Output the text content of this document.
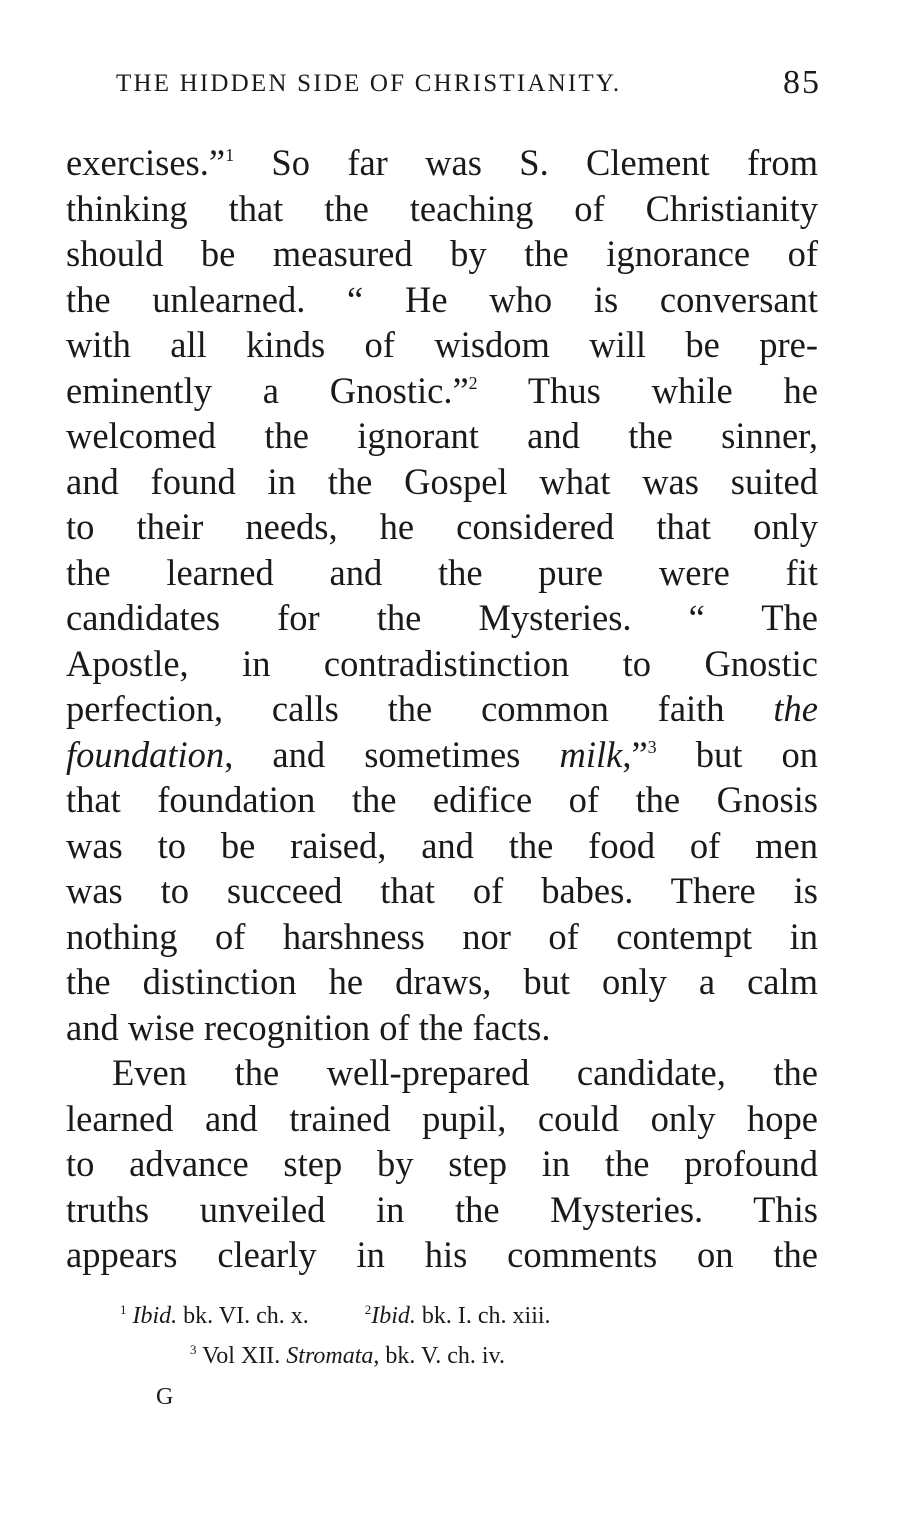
THE HIDDEN SIDE OF CHRISTIANITY.	85
exercises.”$^1$ So far was S. Clement from
thinking that the teaching of Christianity
should be measured by the ignorance of
the unlearned. “ He who is conversant
with all kinds of wisdom will be pre-
eminently a Gnostic.”$^2$ Thus while he
welcomed the ignorant and the sinner,
and found in the Gospel what was suited
to their needs, he considered that only
the learned and the pure were fit
candidates for the Mysteries. “ The
Apostle, in contradistinction to Gnostic
perfection, calls the common faith the
foundation, and sometimes milk,”$^3$ but on
that foundation the edifice of the Gnosis
was to be raised, and the food of men
was to succeed that of babes. There is
nothing of harshness nor of contempt in
the distinction he draws, but only a calm
and wise recognition of the facts.
Even the well-prepared candidate, the
learned and trained pupil, could only hope
to advance step by step in the profound
truths unveiled in the Mysteries. This
appears clearly in his comments on the
$^1$ Ibid. bk. VI. ch. x.	$^2$Ibid. bk. I. ch. xiii.
$^3$ Vol XII. Stromata, bk. V. ch. iv.
G
